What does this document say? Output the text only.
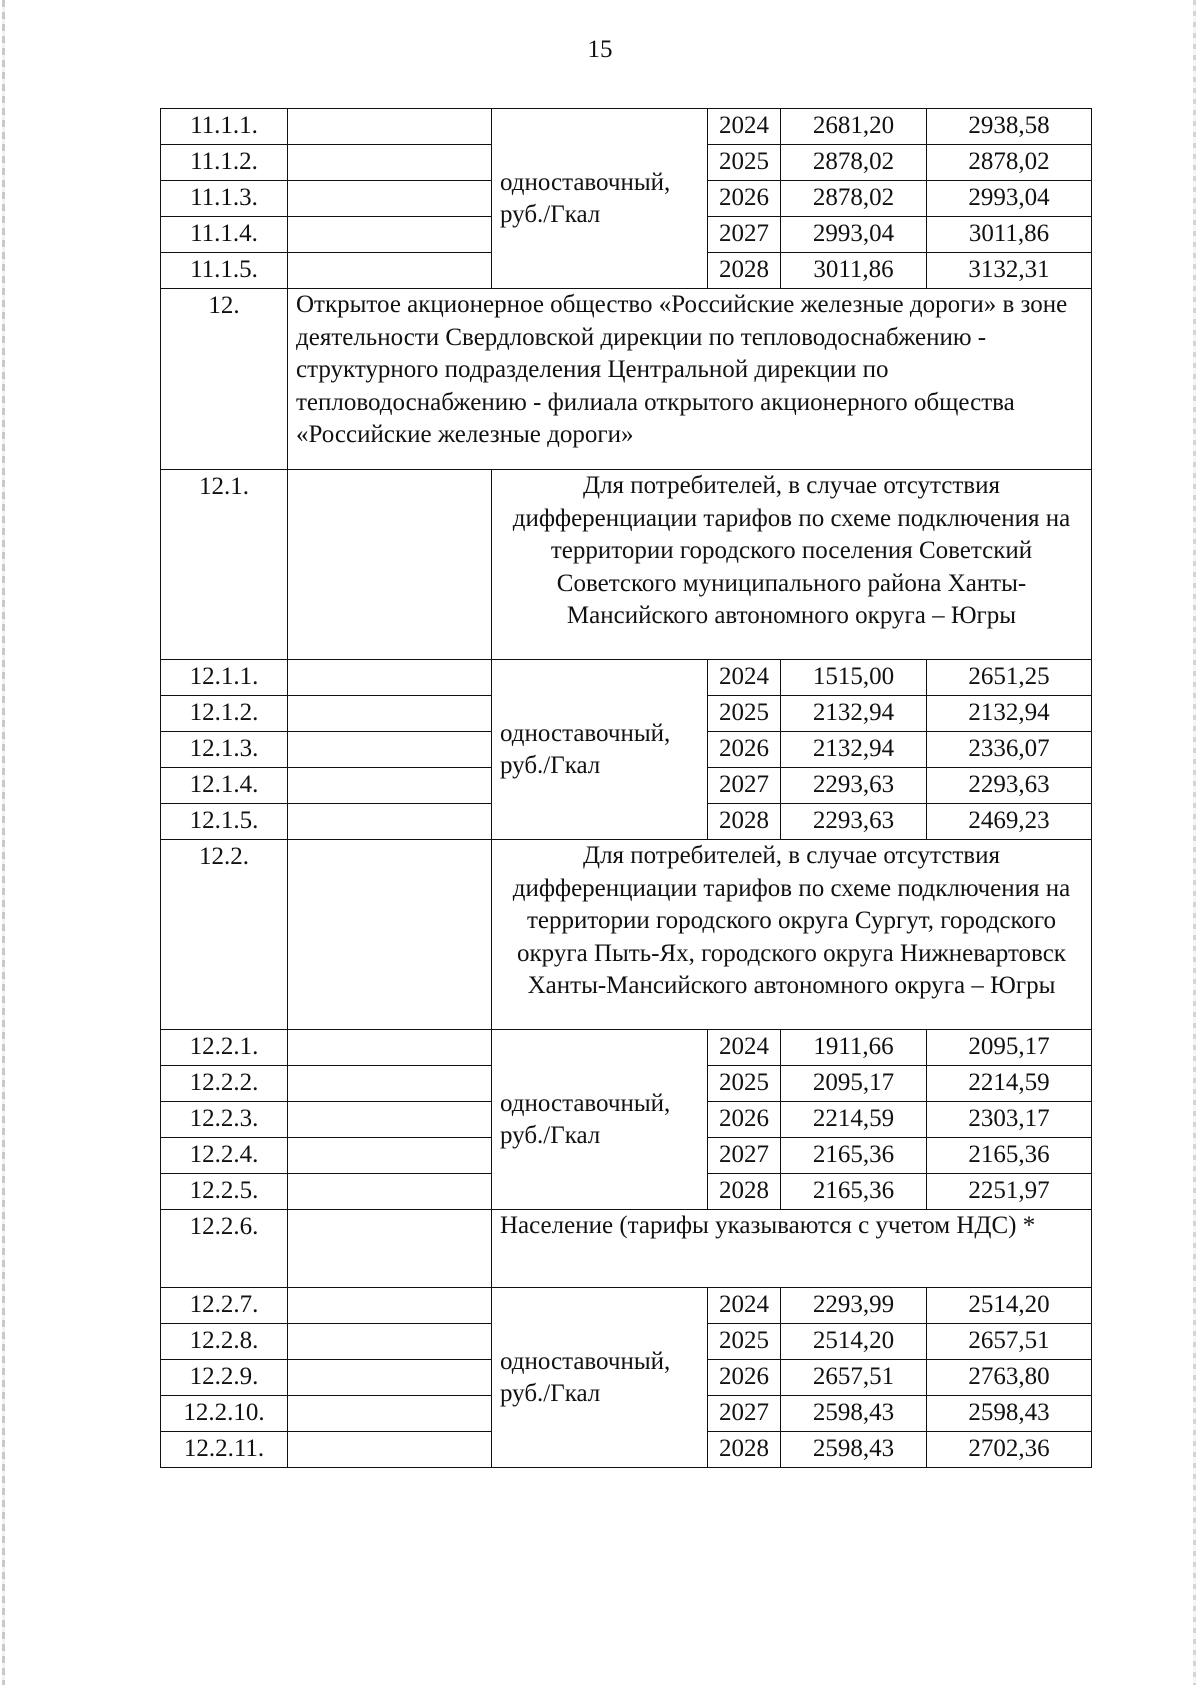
15
11.1.1.		одноставочный, руб./Гкал	2024	2681,20	2938,58
11.1.2.			2025	2878,02	2878,02
11.1.3.			2026	2878,02	2993,04
11.1.4.			2027	2993,04	3011,86
11.1.5.			2028	3011,86	3132,31
12.	Открытое акционерное общество «Российские железные дороги» в зоне деятельности Свердловской дирекции по тепловодоснабжению - структурного подразделения Центральной дирекции по тепловодоснабжению - филиала открытого акционерного общества «Российские железные дороги»				
12.1.		Для потребителей, в случае отсутствия дифференциации тарифов по схеме подключения на территории городского поселения Советский Советского муниципального района Ханты-Мансийского автономного округа – Югры			
12.1.1.		одноставочный, руб./Гкал	2024	1515,00	2651,25
12.1.2.			2025	2132,94	2132,94
12.1.3.			2026	2132,94	2336,07
12.1.4.			2027	2293,63	2293,63
12.1.5.			2028	2293,63	2469,23
12.2.		Для потребителей, в случае отсутствия дифференциации тарифов по схеме подключения на территории городского округа Сургут, городского округа Пыть-Ях, городского округа Нижневартовск Ханты-Мансийского автономного округа – Югры			
12.2.1.		одноставочный, руб./Гкал	2024	1911,66	2095,17
12.2.2.			2025	2095,17	2214,59
12.2.3.			2026	2214,59	2303,17
12.2.4.			2027	2165,36	2165,36
12.2.5.			2028	2165,36	2251,97
12.2.6.		Население (тарифы указываются с учетом НДС) *			
12.2.7.		одноставочный, руб./Гкал	2024	2293,99	2514,20
12.2.8.			2025	2514,20	2657,51
12.2.9.			2026	2657,51	2763,80
12.2.10.			2027	2598,43	2598,43
12.2.11.			2028	2598,43	2702,36
